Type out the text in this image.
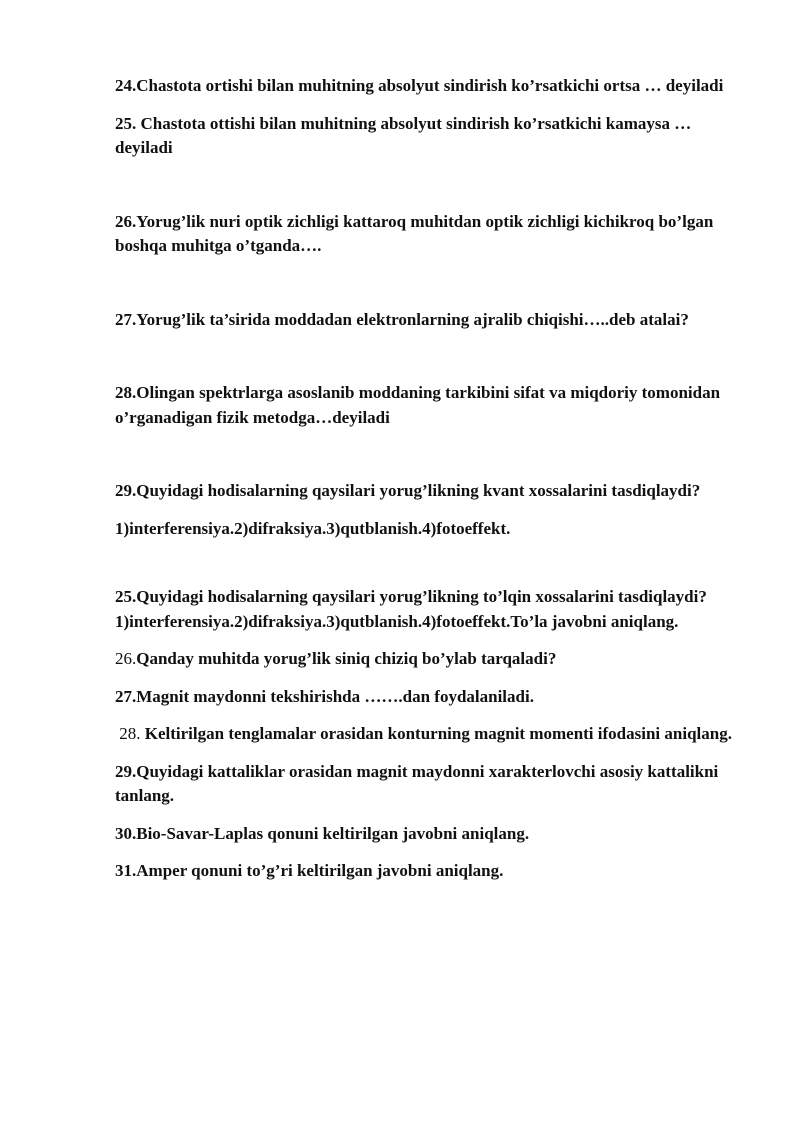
24.Chastota ortishi bilan muhitning absolyut sindirish ko’rsatkichi ortsa … deyiladi

25. Chastota ottishi bilan muhitning absolyut sindirish ko’rsatkichi kamaysa … deyiladi

26.Yorug’lik nuri optik zichligi kattaroq muhitdan optik zichligi kichikroq bo’lgan boshqa muhitga o’tganda….

27.Yorug’lik ta’sirida moddadan elektronlarning ajralib chiqishi…..deb atalai?

28.Olingan spektrlarga asoslanib moddaning tarkibini sifat va miqdoriy tomonidan o’rganadigan fizik metodga…deyiladi

29.Quyidagi hodisalarning qaysilari yorug’likning kvant xossalarini tasdiqlaydi?

1)interferensiya.2)difraksiya.3)qutblanish.4)fotoeffekt.

25.Quyidagi hodisalarning qaysilari yorug’likning to’lqin xossalarini tasdiqlaydi? 1)interferensiya.2)difraksiya.3)qutblanish.4)fotoeffekt.To’la javobni aniqlang.

26.Qanday muhitda yorug’lik siniq chiziq bo’ylab tarqaladi?

27.Magnit maydonni tekshirishda …….dan foydalaniladi.

28. Keltirilgan tenglamalar orasidan konturning magnit momenti ifodasini aniqlang.

29.Quyidagi kattaliklar orasidan magnit maydonni xarakterlovchi asosiy kattalikni tanlang.

30.Bio-Savar-Laplas qonuni keltirilgan javobni aniqlang.

31.Amper qonuni to’g’ri keltirilgan javobni aniqlang.
